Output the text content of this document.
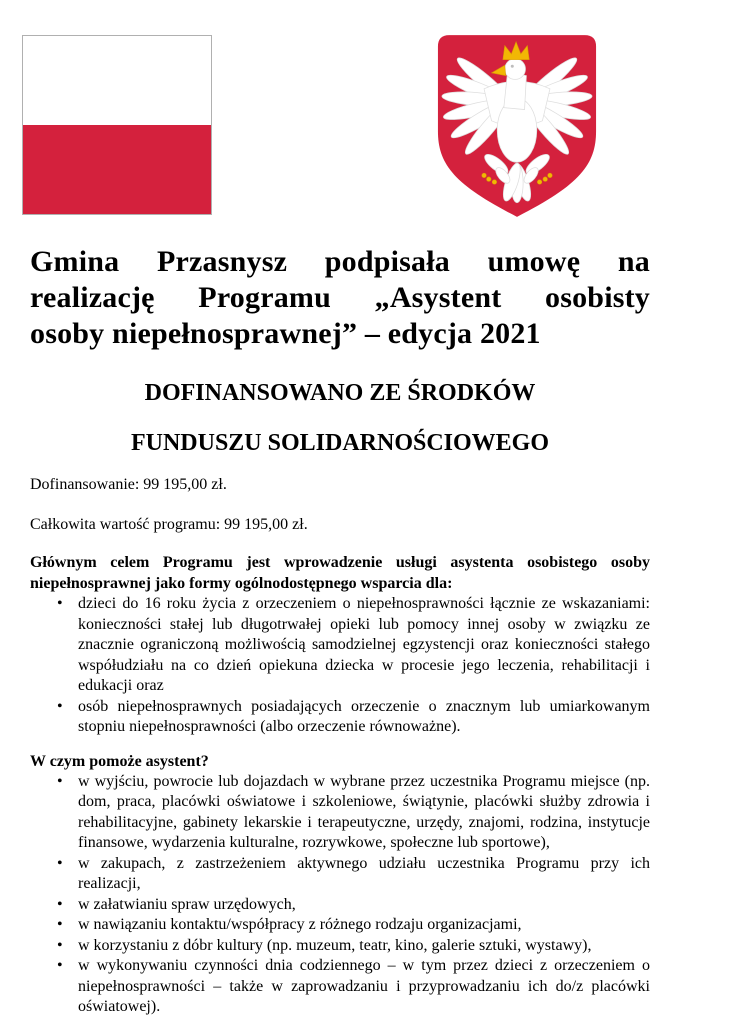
Gmina Przasnysz podpisała umowę na
realizację Programu „Asystent osobisty
osoby niepełnosprawnej” – edycja 2021
DOFINANSOWANO ZE ŚRODKÓW
FUNDUSZU SOLIDARNOŚCIOWEGO

Dofinansowanie: 99 195,00 zł.

Całkowita wartość programu: 99 195,00 zł.

Głównym celem Programu jest wprowadzenie usługi asystenta osobistego osoby niepełnosprawnej jako formy ogólnodostępnego wsparcia dla:

• dzieci do 16 roku życia z orzeczeniem o niepełnosprawności łącznie ze wskazaniami: konieczności stałej lub długotrwałej opieki lub pomocy innej osoby w związku ze znacznie ograniczoną możliwością samodzielnej egzystencji oraz konieczności stałego współudziału na co dzień opiekuna dziecka w procesie jego leczenia, rehabilitacji i edukacji oraz
• osób niepełnosprawnych posiadających orzeczenie o znacznym lub umiarkowanym stopniu niepełnosprawności (albo orzeczenie równoważne).
W czym pomoże asystent?
• w wyjściu, powrocie lub dojazdach w wybrane przez uczestnika Programu miejsce (np. dom, praca, placówki oświatowe i szkoleniowe, świątynie, placówki służby zdrowia i rehabilitacyjne, gabinety lekarskie i terapeutyczne, urzędy, znajomi, rodzina, instytucje finansowe, wydarzenia kulturalne, rozrywkowe, społeczne lub sportowe),
• w zakupach, z zastrzeżeniem aktywnego udziału uczestnika Programu przy ich realizacji,
• w załatwianiu spraw urzędowych,
• w nawiązaniu kontaktu/współpracy z różnego rodzaju organizacjami,
• w korzystaniu z dóbr kultury (np. muzeum, teatr, kino, galerie sztuki, wystawy),
• w wykonywaniu czynności dnia codziennego – w tym przez dzieci z orzeczeniem o niepełnosprawności – także w zaprowadzaniu i przyprowadzaniu ich do/z placówki oświatowej).
